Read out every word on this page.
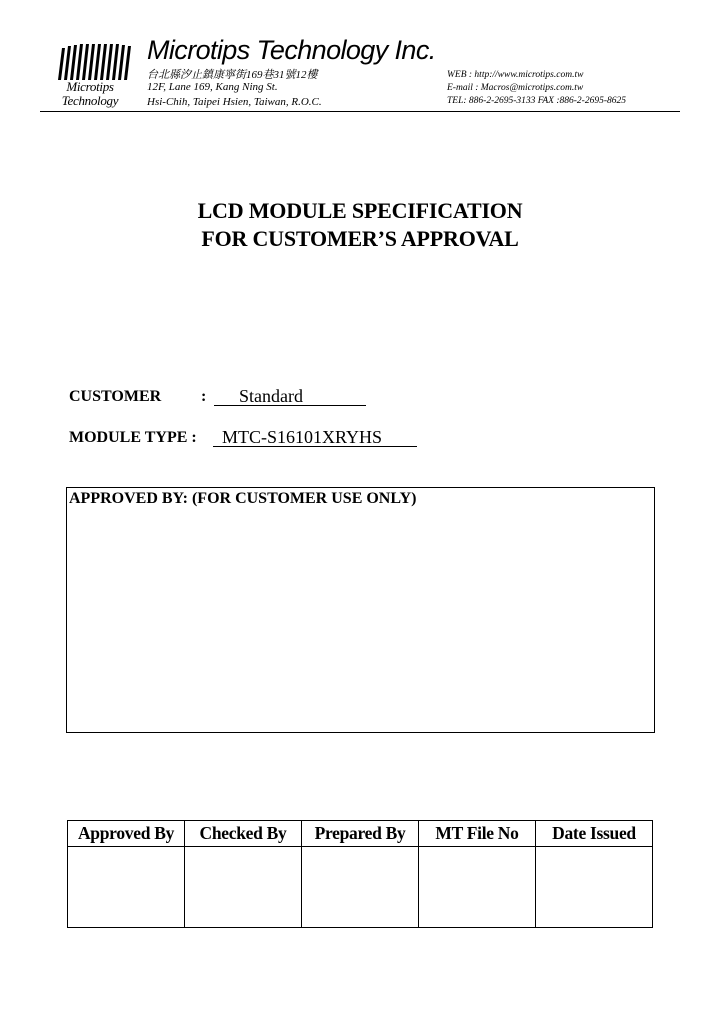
Microtips
Technology
Microtips Technology Inc.
台北縣汐止鎮康寧街169巷31號12樓
12F, Lane 169, Kang Ning St.
Hsi-Chih, Taipei Hsien, Taiwan, R.O.C.
WEB : http://www.microtips.com.tw
E-mail : Macros@microtips.com.tw
TEL: 886-2-2695-3133 FAX :886-2-2695-8625
LCD MODULE SPECIFICATION
FOR CUSTOMER’S APPROVAL
CUSTOMER : Standard
MODULE TYPE : MTC-S16101XRYHS
APPROVED BY: (FOR CUSTOMER USE ONLY)
Approved By	Checked By	Prepared By	MT File No	Date Issued
